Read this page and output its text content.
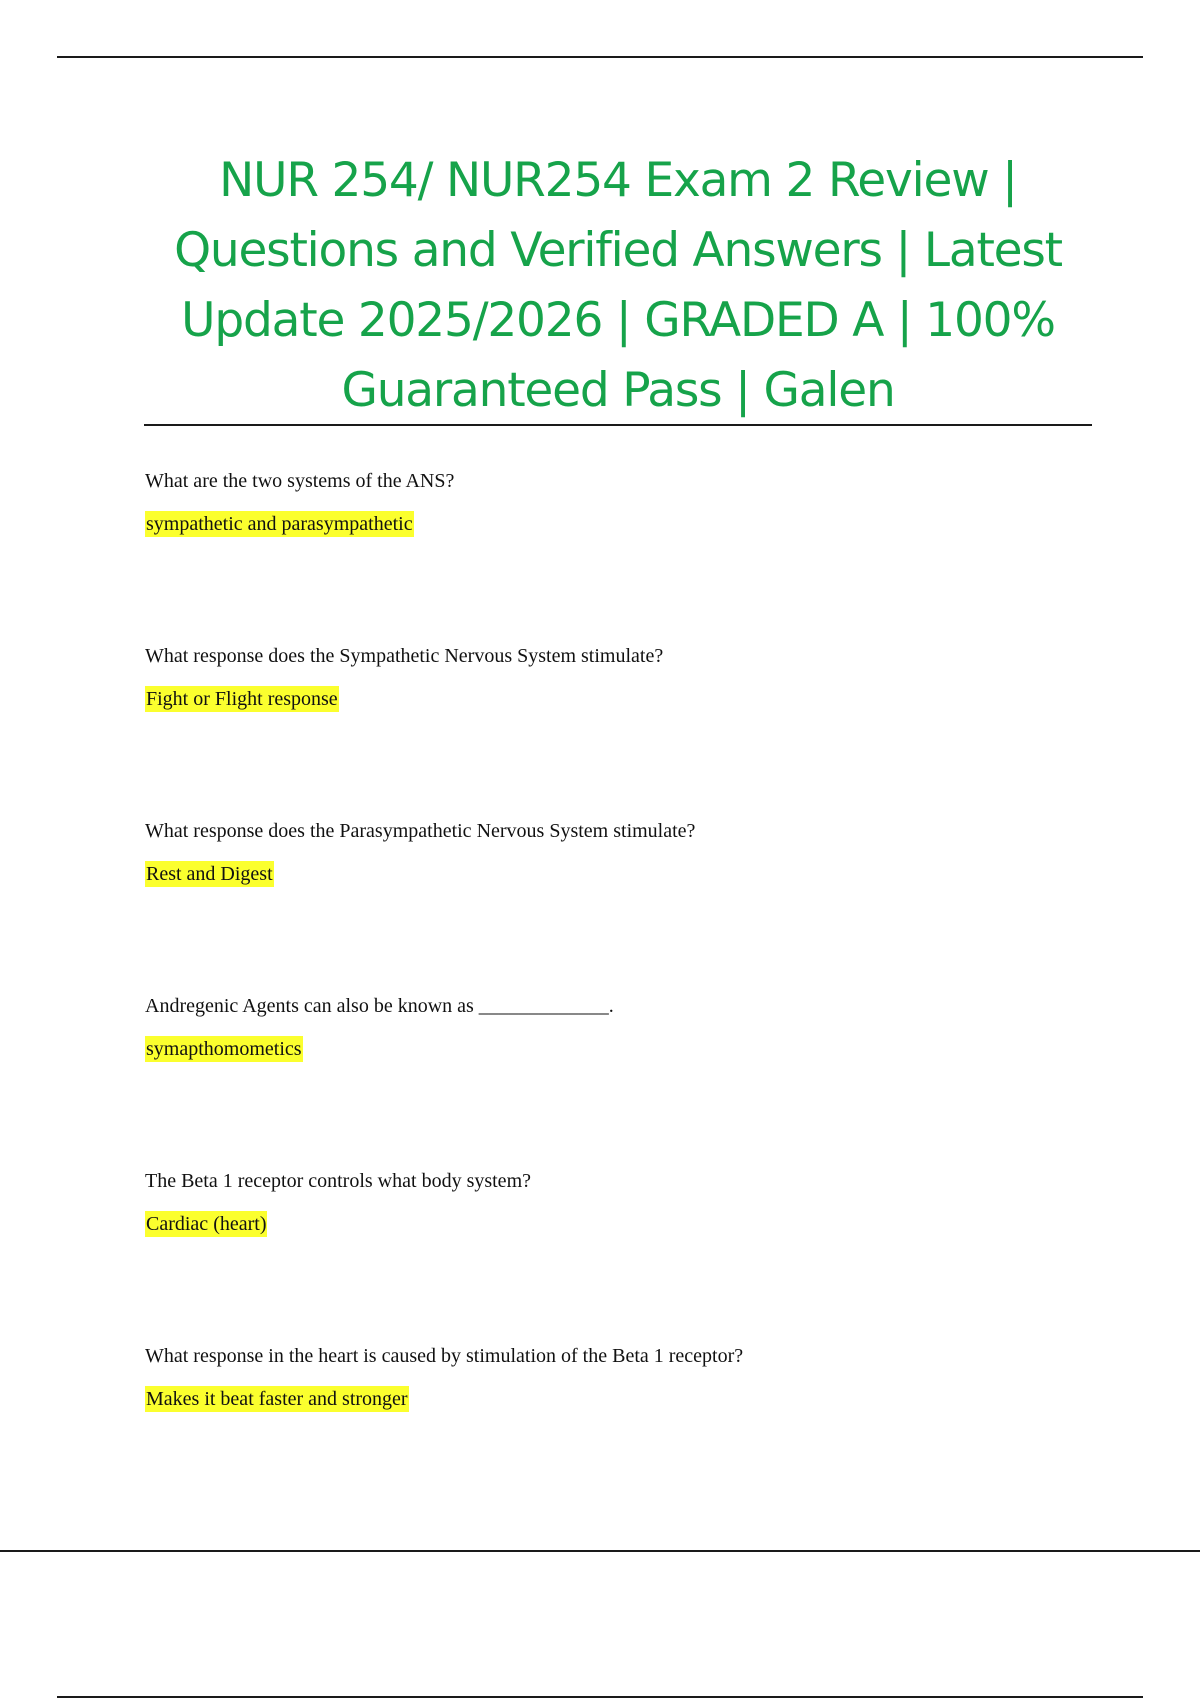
NUR 254/ NUR254 Exam 2 Review | Questions and Verified Answers | Latest Update 2025/2026 | GRADED A | 100% Guaranteed Pass | Galen

What are the two systems of the ANS?

sympathetic and parasympathetic

What response does the Sympathetic Nervous System stimulate?

Fight or Flight response

What response does the Parasympathetic Nervous System stimulate?

Rest and Digest

Andregenic Agents can also be known as _____________.

symapthomometics

The Beta 1 receptor controls what body system?

Cardiac (heart)

What response in the heart is caused by stimulation of the Beta 1 receptor?

Makes it beat faster and stronger
